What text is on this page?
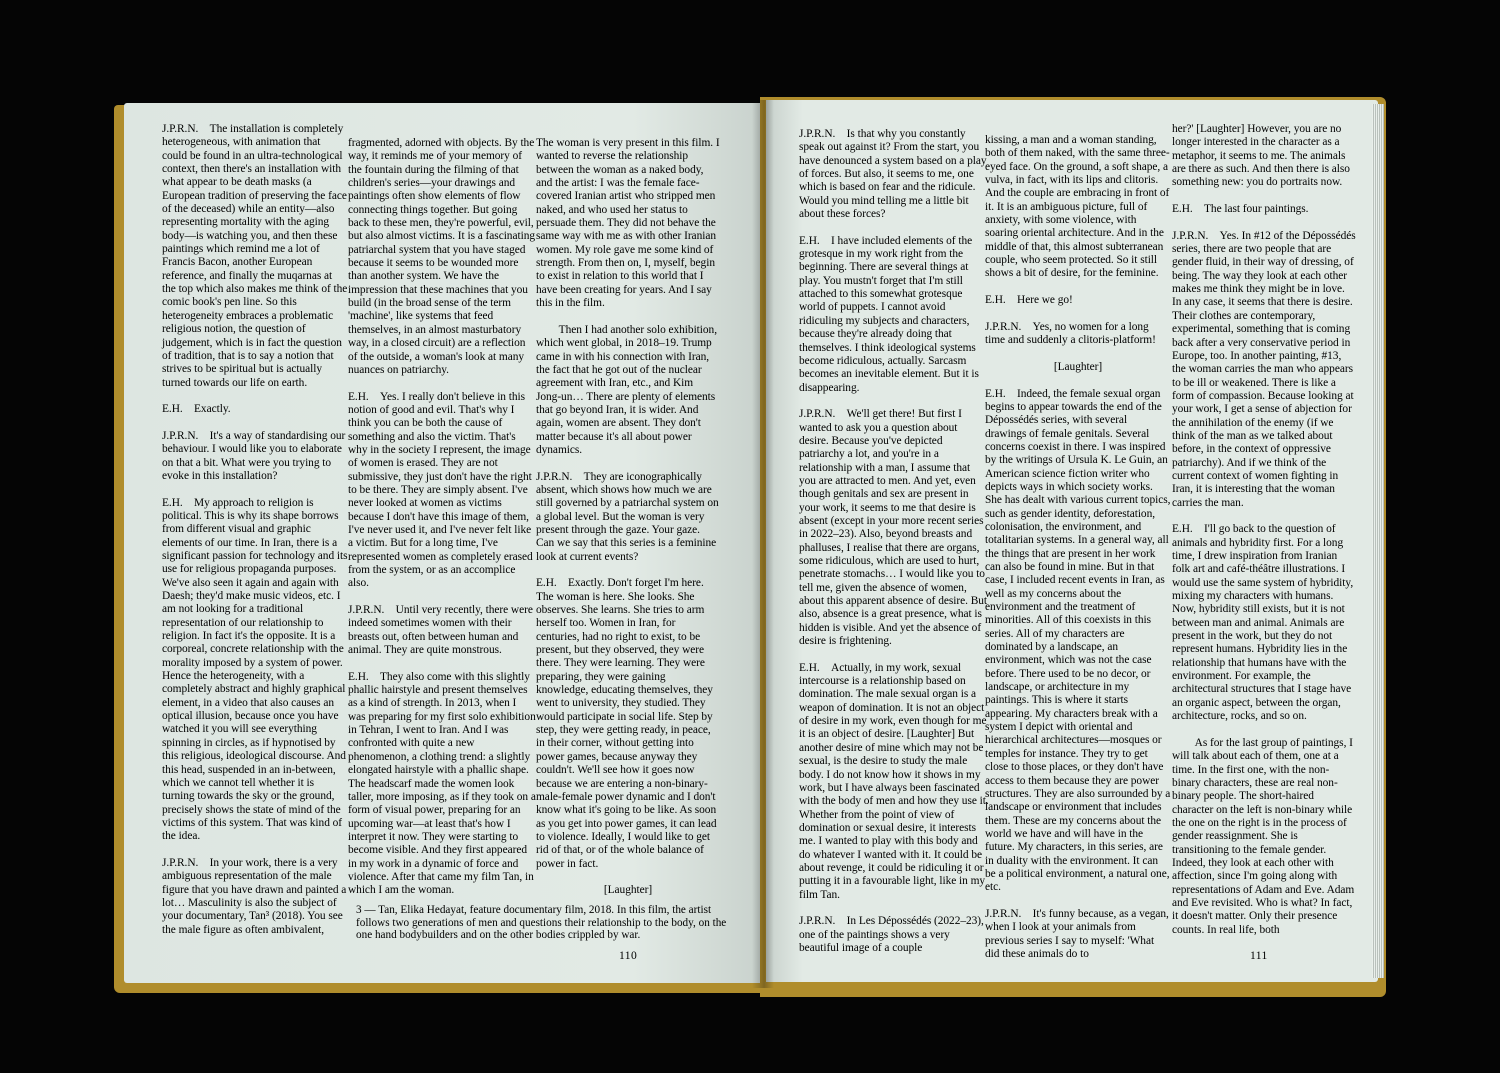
J.P.R.N. The installation is completely heterogeneous, with animation that could be found in an ultra-technological context, then there's an installation with what appear to be death masks (a European tradition of preserving the face of the deceased) while an entity—also representing mortality with the aging body—is watching you, and then these paintings which remind me a lot of Francis Bacon, another European reference, and finally the muqarnas at the top which also makes me think of the comic book's pen line. So this heterogeneity embraces a problematic religious notion, the question of judgement, which is in fact the question of tradition, that is to say a notion that strives to be spiritual but is actually turned towards our life on earth.

E.H. Exactly.

J.P.R.N. It's a way of standardising our behaviour. I would like you to elaborate on that a bit. What were you trying to evoke in this installation?

E.H. My approach to religion is political. This is why its shape borrows from different visual and graphic elements of our time. In Iran, there is a significant passion for technology and its use for religious propaganda purposes. We've also seen it again and again with Daesh; they'd make music videos, etc. I am not looking for a traditional representation of our relationship to religion. In fact it's the opposite. It is a corporeal, concrete relationship with the morality imposed by a system of power. Hence the heterogeneity, with a completely abstract and highly graphical element, in a video that also causes an optical illusion, because once you have watched it you will see everything spinning in circles, as if hypnotised by this religious, ideological discourse. And this head, suspended in an in-between, which we cannot tell whether it is turning towards the sky or the ground, precisely shows the state of mind of the victims of this system. That was kind of the idea.

J.P.R.N. In your work, there is a very ambiguous representation of the male figure that you have drawn and painted a lot… Masculinity is also the subject of your documentary, Tan³ (2018). You see the male figure as often ambivalent,

fragmented, adorned with objects. By the way, it reminds me of your memory of the fountain during the filming of that children's series—your drawings and paintings often show elements of flow connecting things together. But going back to these men, they're powerful, evil, but also almost victims. It is a fascinating patriarchal system that you have staged because it seems to be wounded more than another system. We have the impression that these machines that you build (in the broad sense of the term 'machine', like systems that feed themselves, in an almost masturbatory way, in a closed circuit) are a reflection of the outside, a woman's look at many nuances on patriarchy.

E.H. Yes. I really don't believe in this notion of good and evil. That's why I think you can be both the cause of something and also the victim. That's why in the society I represent, the image of women is erased. They are not submissive, they just don't have the right to be there. They are simply absent. I've never looked at women as victims because I don't have this image of them, I've never used it, and I've never felt like a victim. But for a long time, I've represented women as completely erased from the system, or as an accomplice also.

J.P.R.N. Until very recently, there were indeed sometimes women with their breasts out, often between human and animal. They are quite monstrous.

E.H. They also come with this slightly phallic hairstyle and present themselves as a kind of strength. In 2013, when I was preparing for my first solo exhibition in Tehran, I went to Iran. And I was confronted with quite a new phenomenon, a clothing trend: a slightly elongated hairstyle with a phallic shape. The headscarf made the women look taller, more imposing, as if they took on a form of visual power, preparing for an upcoming war—at least that's how I interpret it now. They were starting to become visible. And they first appeared in my work in a dynamic of force and violence. After that came my film Tan, in which I am the woman.

The woman is very present in this film. I wanted to reverse the relationship between the woman as a naked body, and the artist: I was the female face-covered Iranian artist who stripped men naked, and who used her status to persuade them. They did not behave the same way with me as with other Iranian women. My role gave me some kind of strength. From then on, I, myself, begin to exist in relation to this world that I have been creating for years. And I say this in the film.

  Then I had another solo exhibition, which went global, in 2018–19. Trump came in with his connection with Iran, the fact that he got out of the nuclear agreement with Iran, etc., and Kim Jong-un… There are plenty of elements that go beyond Iran, it is wider. And again, women are absent. They don't matter because it's all about power dynamics.

J.P.R.N. They are iconographically absent, which shows how much we are still governed by a patriarchal system on a global level. But the woman is very present through the gaze. Your gaze. Can we say that this series is a feminine look at current events?

E.H. Exactly. Don't forget I'm here. The woman is here. She looks. She observes. She learns. She tries to arm herself too. Women in Iran, for centuries, had no right to exist, to be present, but they observed, they were there. They were learning. They were preparing, they were gaining knowledge, educating themselves, they went to university, they studied. They would participate in social life. Step by step, they were getting ready, in peace, in their corner, without getting into power games, because anyway they couldn't. We'll see how it goes now because we are entering a non-binary-male-female power dynamic and I don't know what it's going to be like. As soon as you get into power games, it can lead to violence. Ideally, I would like to get rid of that, or of the whole balance of power in fact.

[Laughter]

3 — Tan, Elika Hedayat, feature documentary film, 2018. In this film, the artist follows two generations of men and questions their relationship to the body, on the one hand bodybuilders and on the other bodies crippled by war.
110

J.P.R.N. Is that why you constantly speak out against it? From the start, you have denounced a system based on a play of forces. But also, it seems to me, one which is based on fear and the ridicule. Would you mind telling me a little bit about these forces?

E.H. I have included elements of the grotesque in my work right from the beginning. There are several things at play. You mustn't forget that I'm still attached to this somewhat grotesque world of puppets. I cannot avoid ridiculing my subjects and characters, because they're already doing that themselves. I think ideological systems become ridiculous, actually. Sarcasm becomes an inevitable element. But it is disappearing.

J.P.R.N. We'll get there! But first I wanted to ask you a question about desire. Because you've depicted patriarchy a lot, and you're in a relationship with a man, I assume that you are attracted to men. And yet, even though genitals and sex are present in your work, it seems to me that desire is absent (except in your more recent series in 2022–23). Also, beyond breasts and phalluses, I realise that there are organs, some ridiculous, which are used to hurt, penetrate stomachs… I would like you to tell me, given the absence of women, about this apparent absence of desire. But also, absence is a great presence, what is hidden is visible. And yet the absence of desire is frightening.

E.H. Actually, in my work, sexual intercourse is a relationship based on domination. The male sexual organ is a weapon of domination. It is not an object of desire in my work, even though for me it is an object of desire. [Laughter] But another desire of mine which may not be sexual, is the desire to study the male body. I do not know how it shows in my work, but I have always been fascinated with the body of men and how they use it. Whether from the point of view of domination or sexual desire, it interests me. I wanted to play with this body and do whatever I wanted with it. It could be about revenge, it could be ridiculing it or putting it in a favourable light, like in my film Tan.

J.P.R.N. In Les Dépossédés (2022–23), one of the paintings shows a very beautiful image of a couple

kissing, a man and a woman standing, both of them naked, with the same three-eyed face. On the ground, a soft shape, a vulva, in fact, with its lips and clitoris. And the couple are embracing in front of it. It is an ambiguous picture, full of anxiety, with some violence, with soaring oriental architecture. And in the middle of that, this almost subterranean couple, who seem protected. So it still shows a bit of desire, for the feminine.

E.H. Here we go!

J.P.R.N. Yes, no women for a long time and suddenly a clitoris-platform!

[Laughter]

E.H. Indeed, the female sexual organ begins to appear towards the end of the Dépossédés series, with several drawings of female genitals. Several concerns coexist in there. I was inspired by the writings of Ursula K. Le Guin, an American science fiction writer who depicts ways in which society works. She has dealt with various current topics, such as gender identity, deforestation, colonisation, the environment, and totalitarian systems. In a general way, all the things that are present in her work can also be found in mine. But in that case, I included recent events in Iran, as well as my concerns about the environment and the treatment of minorities. All of this coexists in this series. All of my characters are dominated by a landscape, an environment, which was not the case before. There used to be no decor, or landscape, or architecture in my paintings. This is where it starts appearing. My characters break with a system I depict with oriental and hierarchical architectures—mosques or temples for instance. They try to get close to those places, or they don't have access to them because they are power structures. They are also surrounded by a landscape or environment that includes them. These are my concerns about the world we have and will have in the future. My characters, in this series, are in duality with the environment. It can be a political environment, a natural one, etc.

J.P.R.N. It's funny because, as a vegan, when I look at your animals from previous series I say to myself: 'What did these animals do to

her?' [Laughter] However, you are no longer interested in the character as a metaphor, it seems to me. The animals are there as such. And then there is also something new: you do portraits now.

E.H. The last four paintings.

J.P.R.N. Yes. In #12 of the Dépossédés series, there are two people that are gender fluid, in their way of dressing, of being. The way they look at each other makes me think they might be in love. In any case, it seems that there is desire. Their clothes are contemporary, experimental, something that is coming back after a very conservative period in Europe, too. In another painting, #13, the woman carries the man who appears to be ill or weakened. There is like a form of compassion. Because looking at your work, I get a sense of abjection for the annihilation of the enemy (if we think of the man as we talked about before, in the context of oppressive patriarchy). And if we think of the current context of women fighting in Iran, it is interesting that the woman carries the man.

E.H. I'll go back to the question of animals and hybridity first. For a long time, I drew inspiration from Iranian folk art and café-théâtre illustrations. I would use the same system of hybridity, mixing my characters with humans. Now, hybridity still exists, but it is not between man and animal. Animals are present in the work, but they do not represent humans. Hybridity lies in the relationship that humans have with the environment. For example, the architectural structures that I stage have an organic aspect, between the organ, architecture, rocks, and so on.

  As for the last group of paintings, I will talk about each of them, one at a time. In the first one, with the non-binary characters, these are real non-binary people. The short-haired character on the left is non-binary while the one on the right is in the process of gender reassignment. She is transitioning to the female gender. Indeed, they look at each other with affection, since I'm going along with representations of Adam and Eve. Adam and Eve revisited. Who is what? In fact, it doesn't matter. Only their presence counts. In real life, both

111
